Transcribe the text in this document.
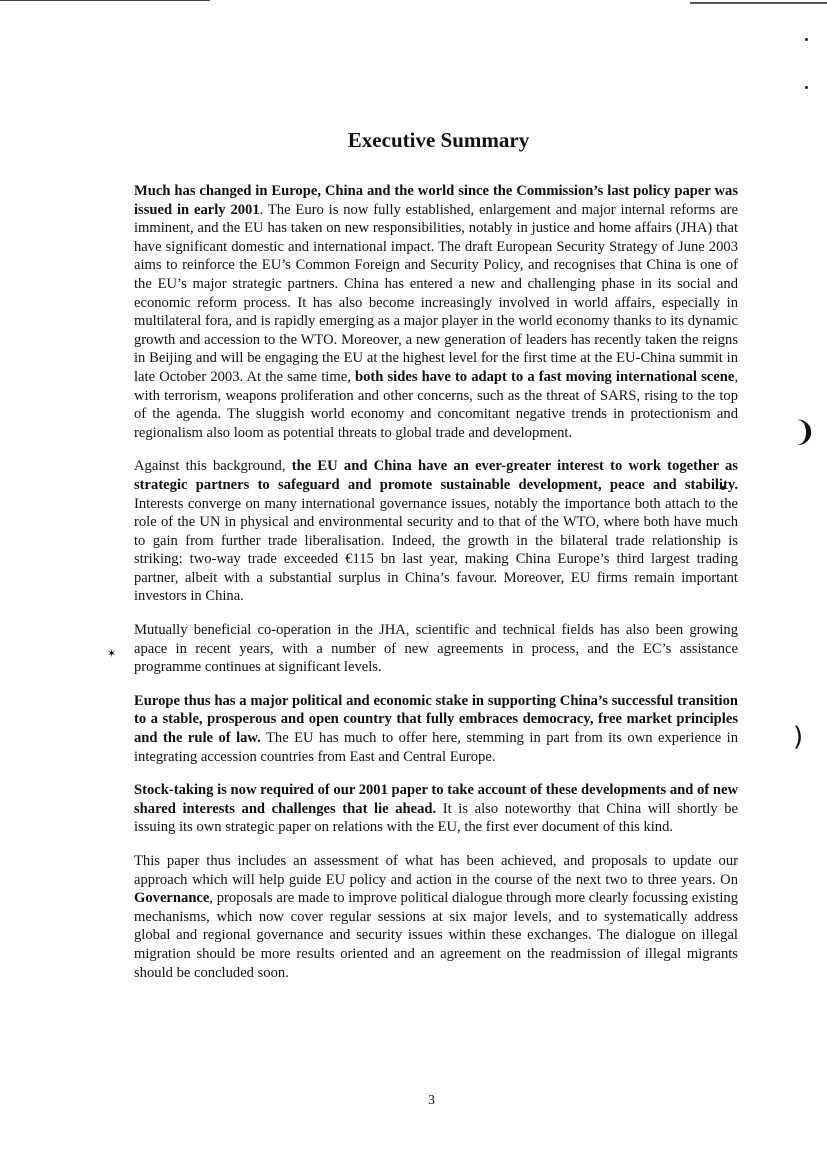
❩
)
✶
Executive Summary

Much has changed in Europe, China and the world since the Commission’s last policy paper was issued in early 2001. The Euro is now fully established, enlargement and major internal reforms are imminent, and the EU has taken on new responsibilities, notably in justice and home affairs (JHA) that have significant domestic and international impact. The draft European Security Strategy of June 2003 aims to reinforce the EU’s Common Foreign and Security Policy, and recognises that China is one of the EU’s major strategic partners. China has entered a new and challenging phase in its social and economic reform process. It has also become increasingly involved in world affairs, especially in multilateral fora, and is rapidly emerging as a major player in the world economy thanks to its dynamic growth and accession to the WTO. Moreover, a new generation of leaders has recently taken the reigns in Beijing and will be engaging the EU at the highest level for the first time at the EU-China summit in late October 2003. At the same time, both sides have to adapt to a fast moving international scene, with terrorism, weapons proliferation and other concerns, such as the threat of SARS, rising to the top of the agenda. The sluggish world economy and concomitant negative trends in protectionism and regionalism also loom as potential threats to global trade and development.

Against this background, the EU and China have an ever-greater interest to work together as strategic partners to safeguard and promote sustainable development, peace and stability. Interests converge on many international governance issues, notably the importance both attach to the role of the UN in physical and environmental security and to that of the WTO, where both have much to gain from further trade liberalisation. Indeed, the growth in the bilateral trade relationship is striking: two-way trade exceeded €115 bn last year, making China Europe’s third largest trading partner, albeit with a substantial surplus in China’s favour. Moreover, EU firms remain important investors in China.

Mutually beneficial co-operation in the JHA, scientific and technical fields has also been growing apace in recent years, with a number of new agreements in process, and the EC’s assistance programme continues at significant levels.

Europe thus has a major political and economic stake in supporting China’s successful transition to a stable, prosperous and open country that fully embraces democracy, free market principles and the rule of law. The EU has much to offer here, stemming in part from its own experience in integrating accession countries from East and Central Europe.

Stock-taking is now required of our 2001 paper to take account of these developments and of new shared interests and challenges that lie ahead. It is also noteworthy that China will shortly be issuing its own strategic paper on relations with the EU, the first ever document of this kind.

This paper thus includes an assessment of what has been achieved, and proposals to update our approach which will help guide EU policy and action in the course of the next two to three years. On Governance, proposals are made to improve political dialogue through more clearly focussing existing mechanisms, which now cover regular sessions at six major levels, and to systematically address global and regional governance and security issues within these exchanges. The dialogue on illegal migration should be more results oriented and an agreement on the readmission of illegal migrants should be concluded soon.

3
